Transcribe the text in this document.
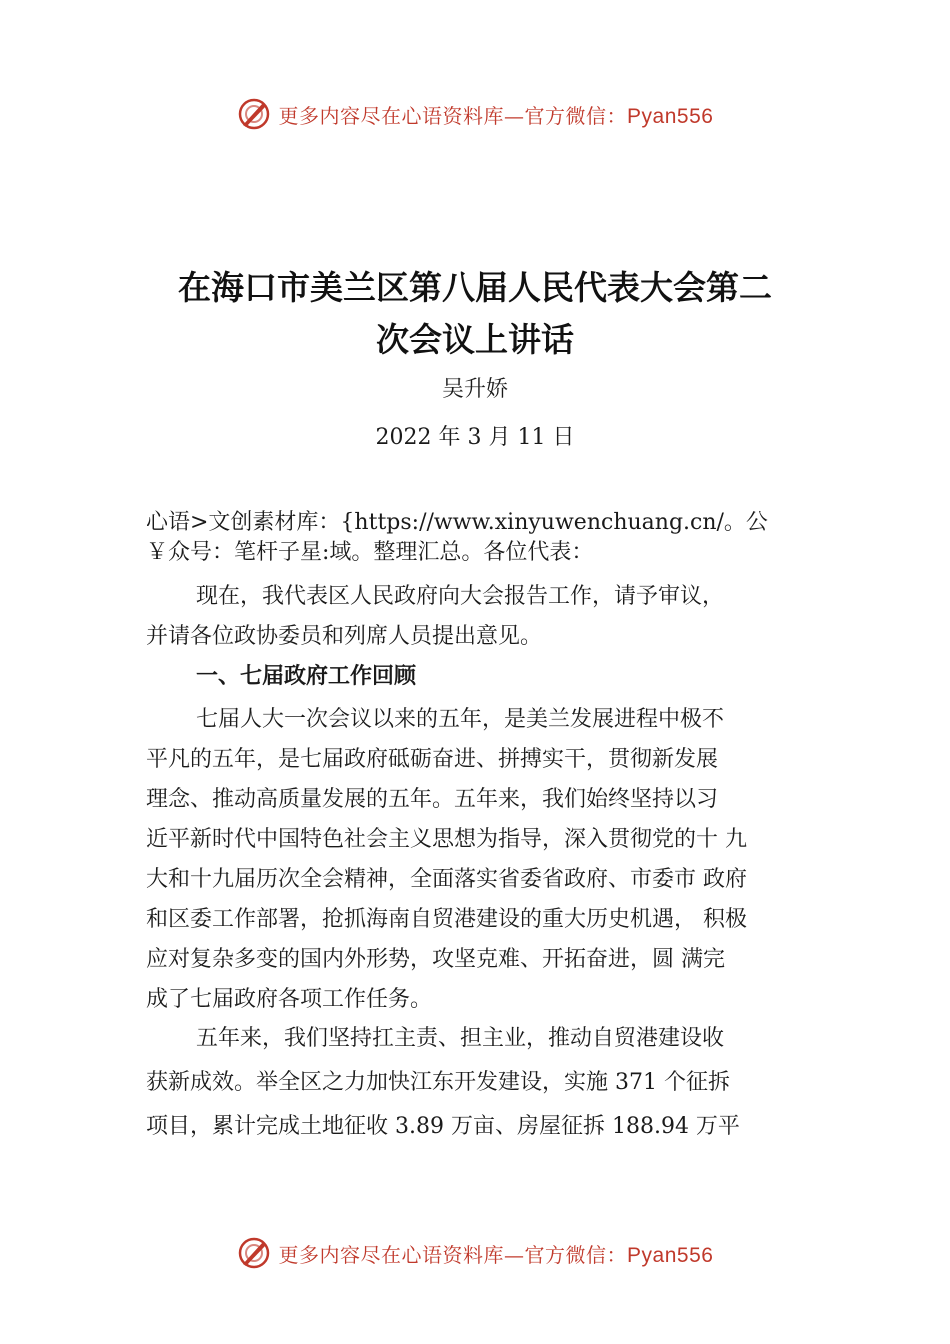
更多内容尽在心语资料库—官方微信：Pyan556
在海口市美兰区第八届人民代表大会第二
次会议上讲话
吴升娇
2022 年 3 月 11 日
心语>文创素材库：{https://www.xinyuwenchuang.cn/。公
￥众号：笔杆子星:域。整理汇总。各位代表：
现在，我代表区人民政府向大会报告工作，请予审议，
并请各位政协委员和列席人员提出意见。
一、七届政府工作回顾
七届人大一次会议以来的五年，是美兰发展进程中极不
平凡的五年，是七届政府砥砺奋进、拼搏实干，贯彻新发展
理念、推动高质量发展的五年。五年来，我们始终坚持以习
近平新时代中国特色社会主义思想为指导，深入贯彻党的十 九
大和十九届历次全会精神，全面落实省委省政府、市委市 政府
和区委工作部署，抢抓海南自贸港建设的重大历史机遇， 积极
应对复杂多变的国内外形势，攻坚克难、开拓奋进，圆 满完
成了七届政府各项工作任务。
五年来，我们坚持扛主责、担主业，推动自贸港建设收
获新成效。举全区之力加快江东开发建设，实施 371 个征拆
项目，累计完成土地征收 3.89 万亩、房屋征拆 188.94 万平
更多内容尽在心语资料库—官方微信：Pyan556
